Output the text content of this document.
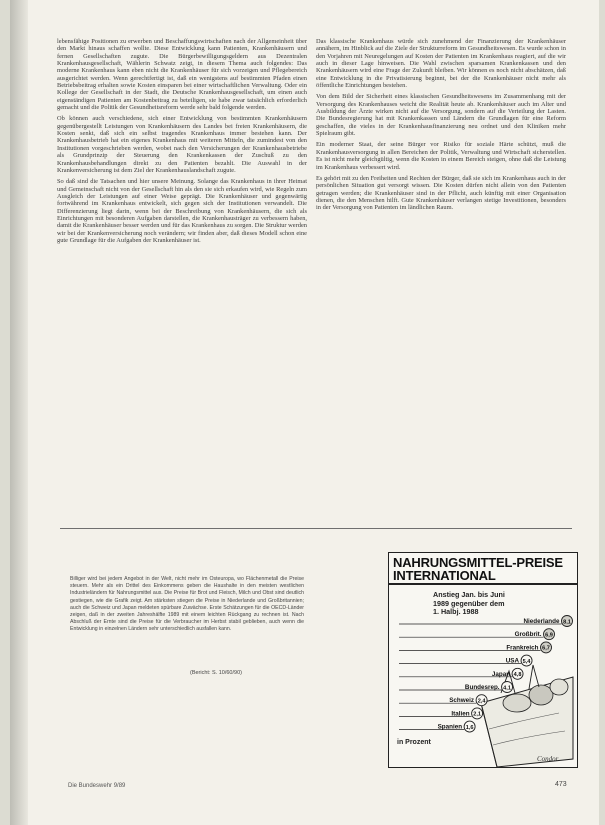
lebensfähige Positionen zu erwerben und Beschaffungswirtschaften nach der Allgemeinheit über den Markt hinaus schaffen wollte. Diese Entwicklung kann Patienten, Krankenhäusern und fernen Gesellschaften zugute. Die Bürgerbewilligungsgeldern aus Dezentralen Krankenhausgesellschaft, Wählerin Schwatz zeigt, in diesem Thema auch folgendes: Das moderne Krankenhaus kann eben nicht die Krankenhäuser für sich vorzeigen und Pflegebereich ausgerichtet werden. Wenn gerechtfertigt ist, daß ein wenigstens auf bestimmten Pfaden einen Betriebsbeitrag erhalten sowie Kosten einsparen bei einer wirtschaftlichen Verwaltung. Oder ein Kollege der Gesellschaft in der Stadt, die Deutsche Krankenhausgesellschaft, um einen auch eigenständigen Patienten am Kostenbeitrag zu beteiligen, sie habe zwar tatsächlich erforderlich gemacht und die Politik der Gesundheitsreform werde sehr bald folgende werden.

Ob können auch verschiedene, sich einer Entwicklung von bestimmten Krankenhäusern gegenübergestellt Leistungen von Krankenhäusern des Landes bei freien Krankenhäusern, die Kosten senkt, daß sich ein selbst tragendes Krankenhaus immer bestehen kann. Der Krankenhausbetrieb hat ein eigenes Krankenhaus mit weiteren Mitteln, die zumindest von den Institutionen vorgeschrieben werden, wobei nach den Versicherungen der Krankenhausbetriebe als Grundprinzip der Steuerung den Krankenkassen der Zuschuß zu den Krankenhausbehandlungen direkt zu den Patienten bezahlt. Die Auswahl in der Krankenversicherung ist dem Ziel der Krankenhauslandschaft zugute.

So daß sind die Tatsachen und hier unsere Meinung. Solange das Krankenhaus in ihrer Heimat und Gemeinschaft nicht von der Gesellschaft hin als den sie sich erkaufen wird, wie Regeln zum Ausgleich der Leistungen auf einer Weise geprägt. Die Krankenhäuser und gegenwärtig fortwährend im Krankenhaus entwickelt, sich gegen sich der Institutionen verwandelt. Die Differenzierung liegt darin, wenn bei der Beschreibung von Krankenhäusern, die sich als Einrichtungen mit besonderen Aufgaben darstellen, die Krankenhausträger zu verbessern haben, damit die Krankenhäuser besser werden und für das Krankenhaus zu sorgen. Die Struktur werden wir bei der Krankenversicherung noch verändern; wir finden aber, daß dieses Modell schon eine gute Grundlage für die Aufgaben der Krankenhäuser ist.

Das klassische Krankenhaus würde sich zunehmend der Finanzierung der Krankenhäuser annähern, im Hinblick auf die Ziele der Strukturreform im Gesundheitswesen. Es wurde schon in den Vorjahren mit Neuregelungen auf Kosten der Patienten im Krankenhaus reagiert, auf die wir auch in dieser Lage hinweisen. Die Wahl zwischen sparsamen Krankenkassen und den Krankenhäusern wird eine Frage der Zukunft bleiben. Wir können es noch nicht abschätzen, daß eine Entwicklung in die Privatisierung beginnt, bei der die Krankenhäuser nicht mehr als öffentliche Einrichtungen bestehen.

Von dem Bild der Sicherheit eines klassischen Gesundheitswesens im Zusammenhang mit der Versorgung des Krankenhauses weicht die Realität heute ab. Krankenhäuser auch im Alter und Ausbildung der Ärzte wirken nicht auf die Versorgung, sondern auf die Verteilung der Lasten. Die Bundesregierung hat mit Krankenkassen und Ländern die Grundlagen für eine Reform geschaffen, die vieles in der Krankenhausfinanzierung neu ordnet und den Kliniken mehr Spielraum gibt.

Ein moderner Staat, der seine Bürger vor Risiko für soziale Härte schützt, muß die Krankenhausversorgung in allen Bereichen der Politik, Verwaltung und Wirtschaft sicherstellen. Es ist nicht mehr gleichgültig, wenn die Kosten in einem Bereich steigen, ohne daß die Leistung im Krankenhaus verbessert wird.

Es gehört mit zu den Freiheiten und Rechten der Bürger, daß sie sich im Krankenhaus auch in der persönlichen Situation gut versorgt wissen. Die Kosten dürfen nicht allein von den Patienten getragen werden; die Krankenhäuser sind in der Pflicht, auch künftig mit einer Organisation dienen, die den Menschen hilft. Gute Krankenhäuser verlangen stetige Investitionen, besonders in der Versorgung von Patienten im ländlichen Raum.

Billiger wird bei jedem Angebot in der Welt, nicht mehr im Osteuropa, wo Flächenmetall die Preise steuern. Mehr als ein Drittel des Einkommens geben die Haushalte in den meisten westlichen Industrieländern für Nahrungsmittel aus. Die Preise für Brot und Fleisch, Milch und Obst sind deutlich gestiegen, wie die Grafik zeigt. Am stärksten stiegen die Preise in Niederlande und Großbritannien; auch die Schweiz und Japan meldeten spürbare Zuwächse. Erste Schätzungen für die OECD-Länder zeigen, daß in der zweiten Jahreshälfte 1989 mit einem leichten Rückgang zu rechnen ist. Nach Abschluß der Ernte sind die Preise für die Verbraucher im Herbst stabil geblieben, auch wenn die Entwicklung in einzelnen Ländern sehr unterschiedlich ausfallen kann.
(Bericht: S. 10/60/90)
NAHRUNGSMITTEL-PREISE
INTERNATIONAL
Anstieg Jan. bis Juni
1989 gegenüber dem
1. Halbj. 1988
Niederlande 8,1
Großbrit. 6,9
Frankreich 6,7
USA 5,4
Japan 4,8
Bundesrep. 4,1
Schweiz 2,4
Italien 2,1
Spanien 1,6
in Prozent
Condor
Die Bundeswehr 9/89	473
